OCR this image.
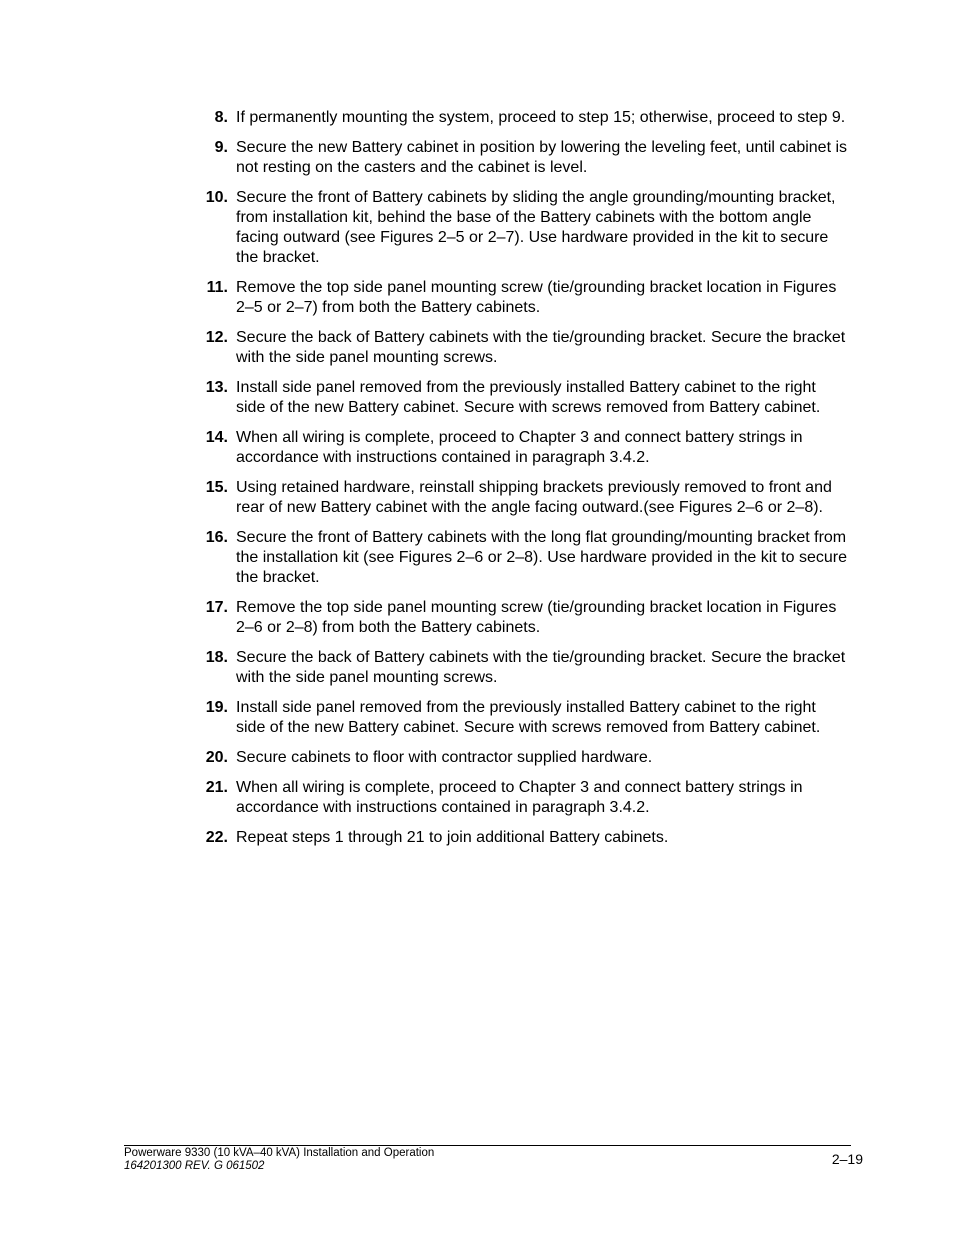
8. If permanently mounting the system, proceed to step 15; otherwise, proceed to step 9.
9. Secure the new Battery cabinet in position by lowering the leveling feet, until cabinet is not resting on the casters and the cabinet is level.
10. Secure the front of Battery cabinets by sliding the angle grounding/mounting bracket, from installation kit, behind the base of the Battery cabinets with the bottom angle facing outward (see Figures 2–5 or 2–7). Use hardware provided in the kit to secure the bracket.
11. Remove the top side panel mounting screw (tie/grounding bracket location in Figures 2–5 or 2–7) from both the Battery cabinets.
12. Secure the back of Battery cabinets with the tie/grounding bracket. Secure the bracket with the side panel mounting screws.
13. Install side panel removed from the previously installed Battery cabinet to the right side of the new Battery cabinet. Secure with screws removed from Battery cabinet.
14. When all wiring is complete, proceed to Chapter 3 and connect battery strings in accordance with instructions contained in paragraph 3.4.2.
15. Using retained hardware, reinstall shipping brackets previously removed to front and rear of new Battery cabinet with the angle facing outward.(see Figures 2–6 or 2–8).
16. Secure the front of Battery cabinets with the long flat grounding/mounting bracket from the installation kit (see Figures 2–6 or 2–8). Use hardware provided in the kit to secure the bracket.
17. Remove the top side panel mounting screw (tie/grounding bracket location in Figures 2–6 or 2–8) from both the Battery cabinets.
18. Secure the back of Battery cabinets with the tie/grounding bracket. Secure the bracket with the side panel mounting screws.
19. Install side panel removed from the previously installed Battery cabinet to the right side of the new Battery cabinet. Secure with screws removed from Battery cabinet.
20. Secure cabinets to floor with contractor supplied hardware.
21. When all wiring is complete, proceed to Chapter 3 and connect battery strings in accordance with instructions contained in paragraph 3.4.2.
22. Repeat steps 1 through 21 to join additional Battery cabinets.
Powerware 9330 (10 kVA–40 kVA) Installation and Operation
164201300 REV. G 061502	2–19
